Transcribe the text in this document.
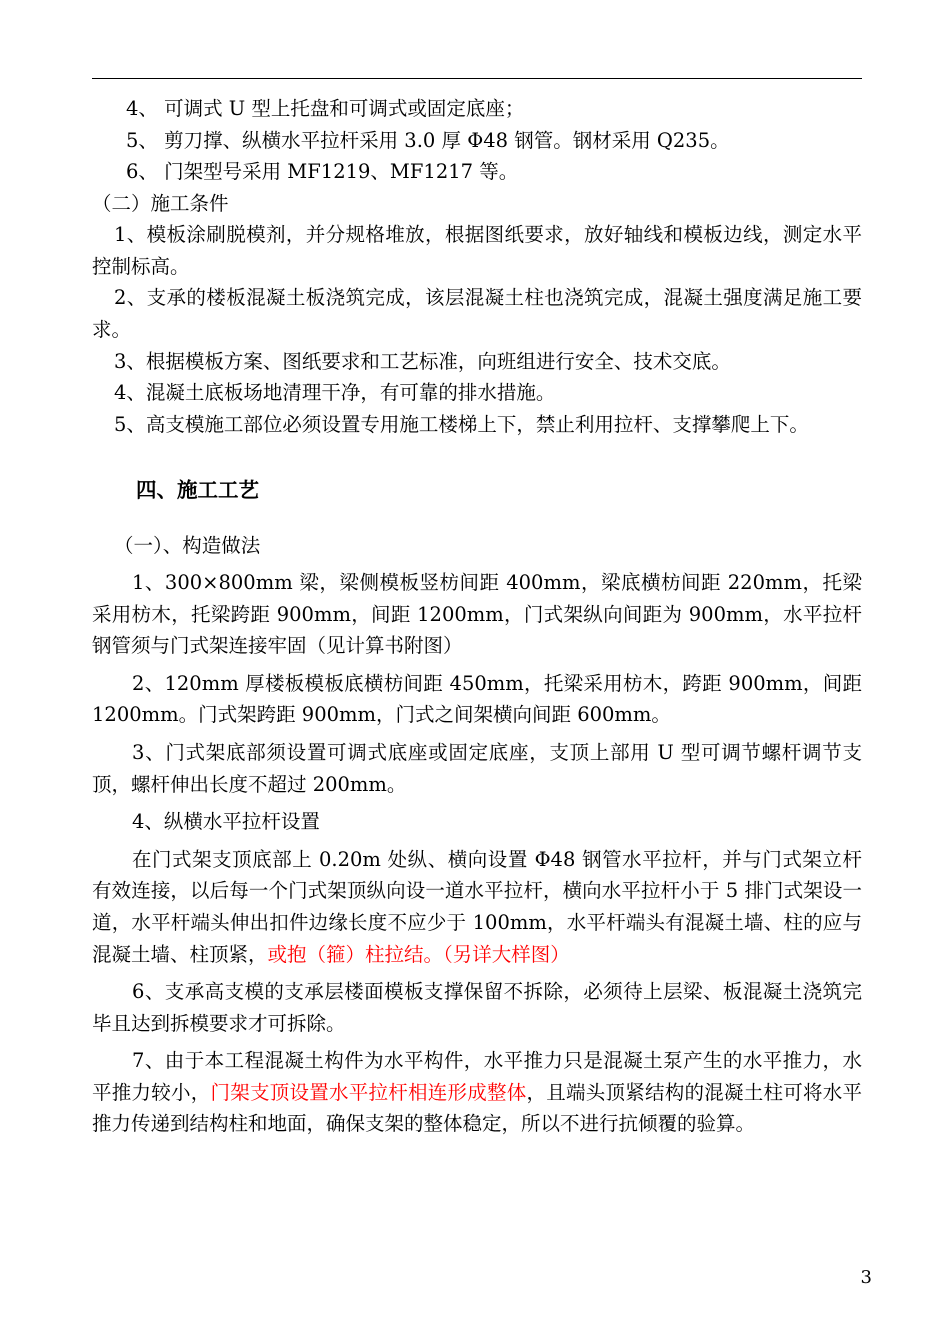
4、 可调式 U 型上托盘和可调式或固定底座；

5、 剪刀撑、纵横水平拉杆采用 3.0 厚 Φ48 钢管。钢材采用 Q235。

6、 门架型号采用 MF1219、MF1217 等。

（二）施工条件

1、模板涂刷脱模剂，并分规格堆放，根据图纸要求，放好轴线和模板边线，测定水平控制标高。

2、支承的楼板混凝土板浇筑完成，该层混凝土柱也浇筑完成，混凝土强度满足施工要求。

3、根据模板方案、图纸要求和工艺标准，向班组进行安全、技术交底。

4、混凝土底板场地清理干净，有可靠的排水措施。

5、高支模施工部位必须设置专用施工楼梯上下，禁止利用拉杆、支撑攀爬上下。

四、施工工艺

（一）、构造做法

1、300×800mm 梁，梁侧模板竖枋间距 400mm，梁底横枋间距 220mm，托梁采用枋木，托梁跨距 900mm，间距 1200mm，门式架纵向间距为 900mm，水平拉杆钢管须与门式架连接牢固（见计算书附图）

2、120mm 厚楼板模板底横枋间距 450mm，托梁采用枋木，跨距 900mm，间距 1200mm。门式架跨距 900mm，门式之间架横向间距 600mm。

3、门式架底部须设置可调式底座或固定底座，支顶上部用 U 型可调节螺杆调节支顶，螺杆伸出长度不超过 200mm。

4、纵横水平拉杆设置

在门式架支顶底部上 0.20m 处纵、横向设置 Φ48 钢管水平拉杆，并与门式架立杆有效连接，以后每一个门式架顶纵向设一道水平拉杆，横向水平拉杆小于 5 排门式架设一道，水平杆端头伸出扣件边缘长度不应少于 100mm，水平杆端头有混凝土墙、柱的应与混凝土墙、柱顶紧，或抱（箍）柱拉结。（另详大样图）

6、支承高支模的支承层楼面模板支撑保留不拆除，必须待上层梁、板混凝土浇筑完毕且达到拆模要求才可拆除。

7、由于本工程混凝土构件为水平构件，水平推力只是混凝土泵产生的水平推力，水平推力较小，门架支顶设置水平拉杆相连形成整体，且端头顶紧结构的混凝土柱可将水平推力传递到结构柱和地面，确保支架的整体稳定，所以不进行抗倾覆的验算。

3
